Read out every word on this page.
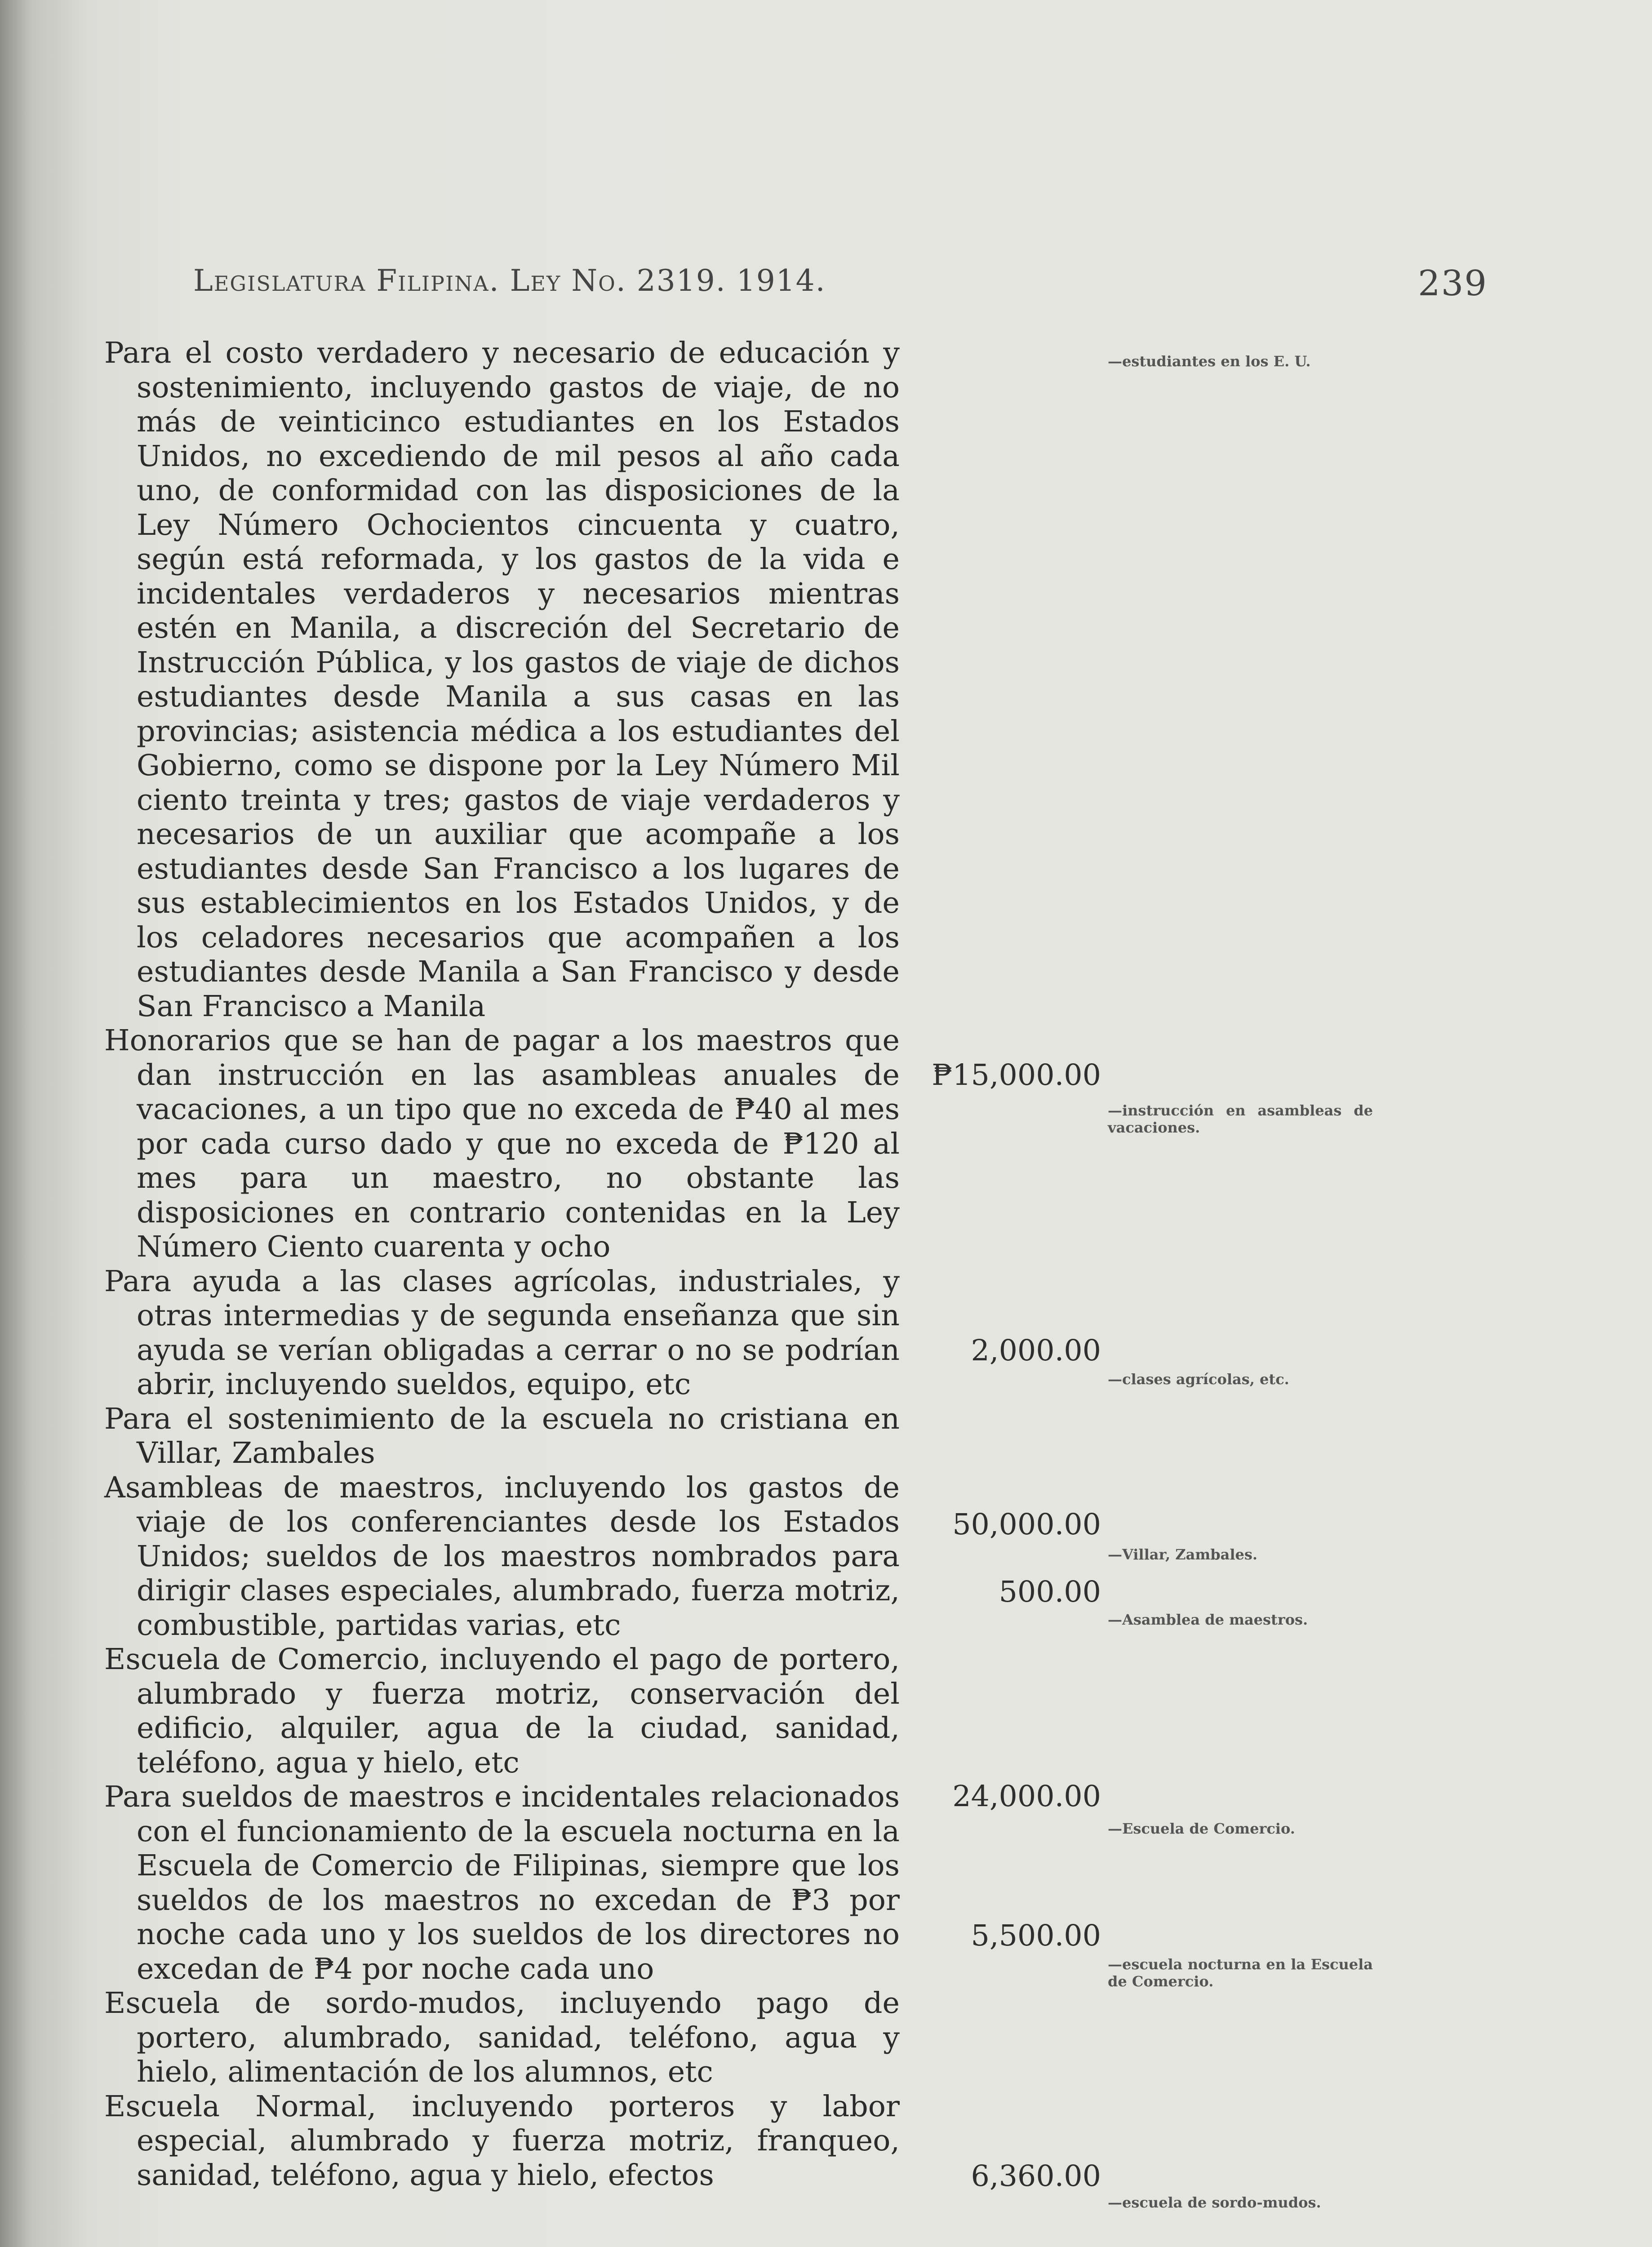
Legislatura Filipina. Ley No. 2319. 1914.	239

Para el costo verdadero y necesario de educación y sostenimiento, incluyendo gastos de viaje, de no más de veinticinco estudiantes en los Estados Unidos, no excediendo de mil pesos al año cada uno, de conformidad con las disposiciones de la Ley Número Ochocientos cincuenta y cuatro, según está reformada, y los gastos de la vida e incidentales verdaderos y necesarios mientras estén en Manila, a discreción del Secretario de Instrucción Pública, y los gastos de viaje de dichos estudiantes desde Manila a sus casas en las provincias; asistencia médica a los estudiantes del Gobierno, como se dispone por la Ley Número Mil ciento treinta y tres; gastos de viaje verdaderos y necesarios de un auxiliar que acompañe a los estudiantes desde San Francisco a los lugares de sus establecimientos en los Estados Unidos, y de los celadores necesarios que acompañen a los estudiantes desde Manila a San Francisco y desde San Francisco a Manila

Honorarios que se han de pagar a los maestros que dan instrucción en las asambleas anuales de vacaciones, a un tipo que no exceda de ₱40 al mes por cada curso dado y que no exceda de ₱120 al mes para un maestro, no obstante las disposiciones en contrario contenidas en la Ley Número Ciento cuarenta y ocho

Para ayuda a las clases agrícolas, industriales, y otras intermedias y de segunda enseñanza que sin ayuda se verían obligadas a cerrar o no se podrían abrir, incluyendo sueldos, equipo, etc

Para el sostenimiento de la escuela no cristiana en Villar, Zambales

Asambleas de maestros, incluyendo los gastos de viaje de los conferenciantes desde los Estados Unidos; sueldos de los maestros nombrados para dirigir clases especiales, alumbrado, fuerza motriz, combustible, partidas varias, etc

Escuela de Comercio, incluyendo el pago de portero, alumbrado y fuerza motriz, conservación del edificio, alquiler, agua de la ciudad, sanidad, teléfono, agua y hielo, etc

Para sueldos de maestros e incidentales relacionados con el funcionamiento de la escuela nocturna en la Escuela de Comercio de Filipinas, siempre que los sueldos de los maestros no excedan de ₱3 por noche cada uno y los sueldos de los directores no excedan de ₱4 por noche cada uno

Escuela de sordo-mudos, incluyendo pago de portero, alumbrado, sanidad, teléfono, agua y hielo, alimentación de los alumnos, etc

Escuela Normal, incluyendo porteros y labor especial, alumbrado y fuerza motriz, franqueo, sanidad, teléfono, agua y hielo, efectos

₱15,000.00
2,000.00
50,000.00
500.00
24,000.00
5,500.00
6,360.00
—estudiantes en los E. U.
—instrucción en asambleas de vacaciones.
—clases agrícolas, etc.
—Villar, Zambales.
—Asamblea de maestros.
—Escuela de Comercio.
—escuela nocturna en la Escuela de Comercio.
—escuela de sordo-mudos.
